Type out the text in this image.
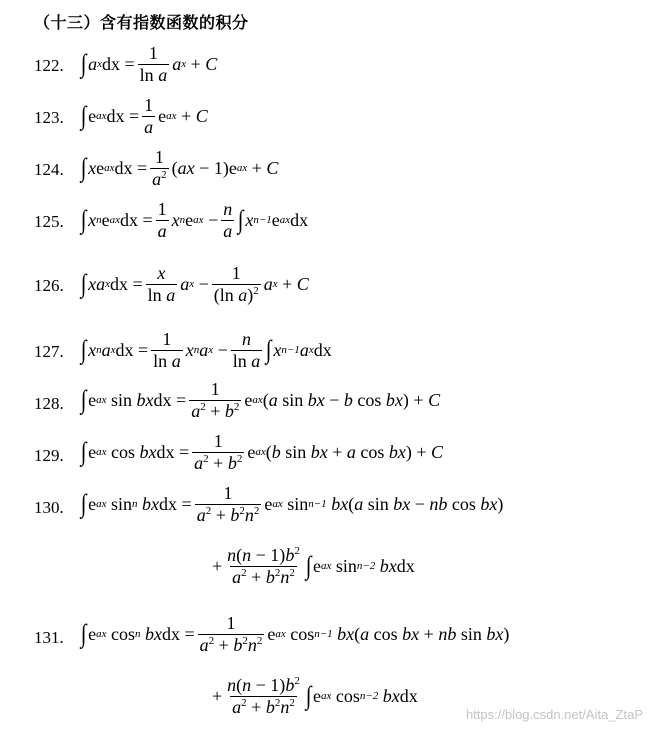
（十三）含有指数函数的积分
122. ∫ a x dx = $\frac{1}{\text{ln a}}$ a x + C
123. ∫ e ax dx = $\frac{1}{a}$ e ax + C
124. ∫ x e ax dx = $\frac{1}{a^2}$ ( ax − 1)e ax + C
125. ∫ x n e ax dx = $\frac{1}{a}$ x n e ax − $\frac{n}{a}$ ∫ x n−1 e ax dx
126. ∫ xa x dx = $\frac{x}{\text{ln a}}$ a $x - \frac{1}{(\ln a)^2}$ a x + C
127. ∫ x n a x dx = $\frac{1}{\text{ln a}}$ x n a $x - \frac{n}{\text{ln a}}$ ∫ x n−1 a x dx
128. ∫ e ax sin bx dx = $\frac{1}{a^2 + b^2}$ e ax ( a sin bx − b cos bx ) + C
129. ∫ e ax cos bx dx = $\frac{1}{a^2 + b^2}$ e ax ( b sin bx + a cos bx ) + C
130. ∫ e ax sin n
bx dx = $\frac{1}{a^2 + b^2n^2}$ e ax sin n−1
bx ( a sin bx − nb cos bx )
+ $\frac{n(n - 1)b^2}{a^2 + b^2n^2}$ ∫ e ax sin n−2
bx dx
131. ∫ e ax cos n
bx dx = $\frac{1}{a^2 + b^2n^2}$ e ax cos n−1
bx ( a cos bx + nb sin bx )
+ $\frac{n(n - 1)b^2}{a^2 + b^2n^2}$ ∫ e ax cos n−2
bx dx
https://blog.csdn.net/Aita_ZtaP
